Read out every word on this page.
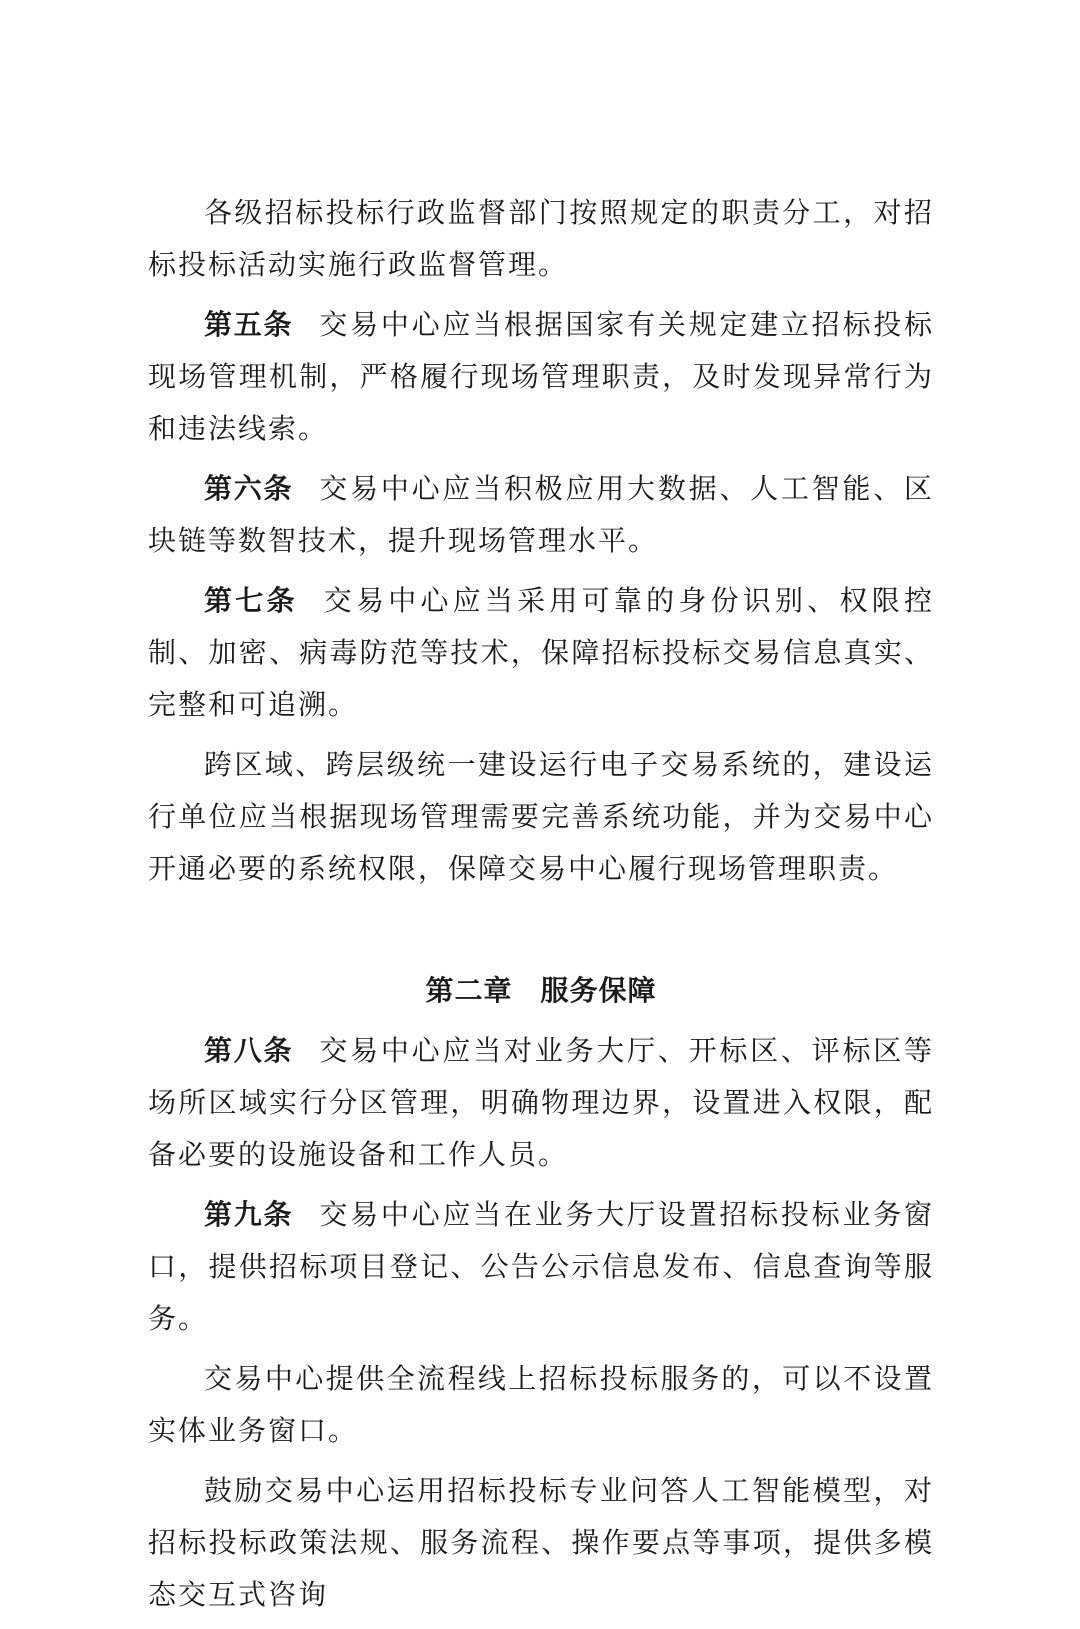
各级招标投标行政监督部门按照规定的职责分工，对招标投标活动实施行政监督管理。

第五条 交易中心应当根据国家有关规定建立招标投标现场管理机制，严格履行现场管理职责，及时发现异常行为和违法线索。

第六条 交易中心应当积极应用大数据、人工智能、区块链等数智技术，提升现场管理水平。

第七条 交易中心应当采用可靠的身份识别、权限控制、加密、病毒防范等技术，保障招标投标交易信息真实、完整和可追溯。

跨区域、跨层级统一建设运行电子交易系统的，建设运行单位应当根据现场管理需要完善系统功能，并为交易中心开通必要的系统权限，保障交易中心履行现场管理职责。

第二章 服务保障

第八条 交易中心应当对业务大厅、开标区、评标区等场所区域实行分区管理，明确物理边界，设置进入权限，配备必要的设施设备和工作人员。

第九条 交易中心应当在业务大厅设置招标投标业务窗口，提供招标项目登记、公告公示信息发布、信息查询等服务。

交易中心提供全流程线上招标投标服务的，可以不设置实体业务窗口。

鼓励交易中心运用招标投标专业问答人工智能模型，对招标投标政策法规、服务流程、操作要点等事项，提供多模态交互式咨询
